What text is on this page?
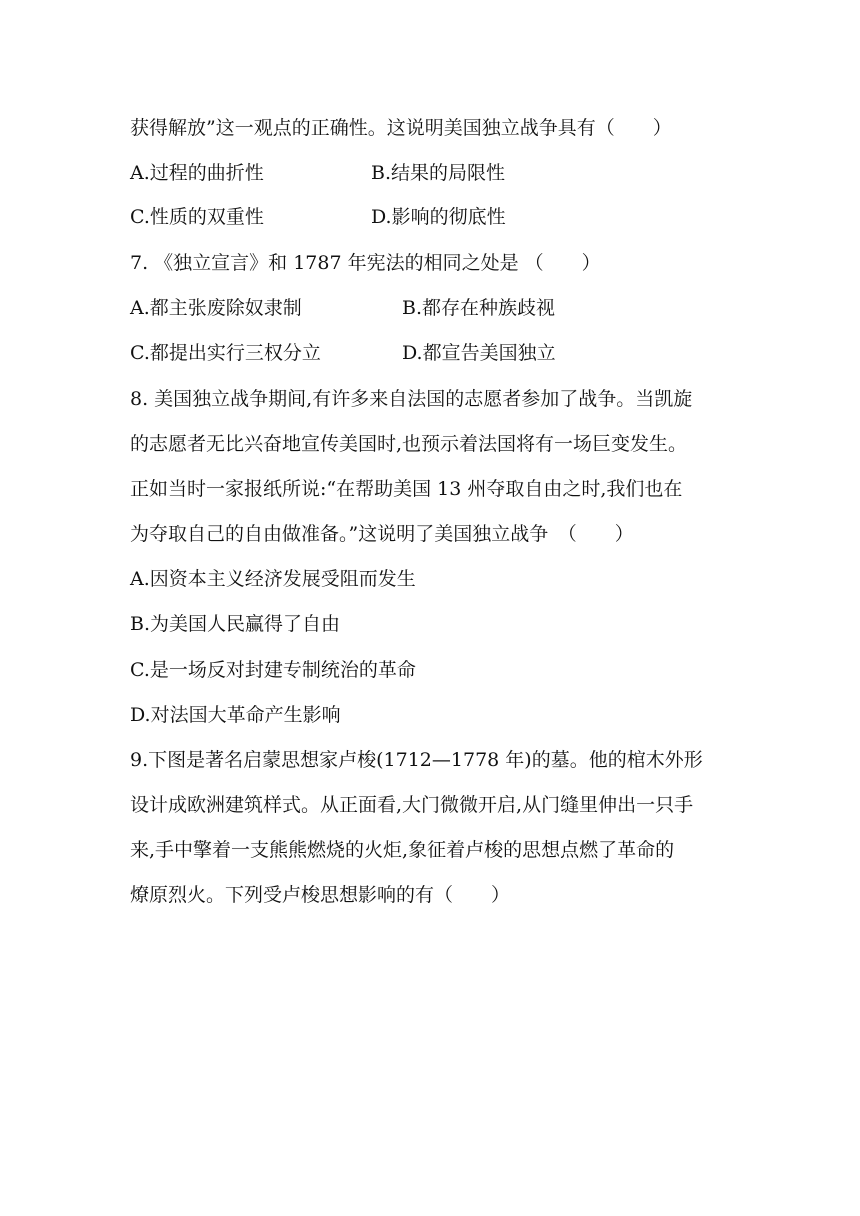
获得解放”这一观点的正确性。这说明美国独立战争具有（　　）
A.过程的曲折性	B.结果的局限性
C.性质的双重性	D.影响的彻底性
7. 《独立宣言》和 1787 年宪法的相同之处是 （　　）
A.都主张废除奴隶制	B.都存在种族歧视
C.都提出实行三权分立	D.都宣告美国独立
8. 美国独立战争期间,有许多来自法国的志愿者参加了战争。当凯旋
的志愿者无比兴奋地宣传美国时,也预示着法国将有一场巨变发生。
正如当时一家报纸所说:“在帮助美国 13 州夺取自由之时,我们也在
为夺取自己的自由做准备。”这说明了美国独立战争　（　　）
A.因资本主义经济发展受阻而发生
B.为美国人民赢得了自由
C.是一场反对封建专制统治的革命
D.对法国大革命产生影响
9.下图是著名启蒙思想家卢梭(1712—1778 年)的墓。他的棺木外形
设计成欧洲建筑样式。从正面看,大门微微开启,从门缝里伸出一只手
来,手中擎着一支熊熊燃烧的火炬,象征着卢梭的思想点燃了革命的
燎原烈火。下列受卢梭思想影响的有（　　）
